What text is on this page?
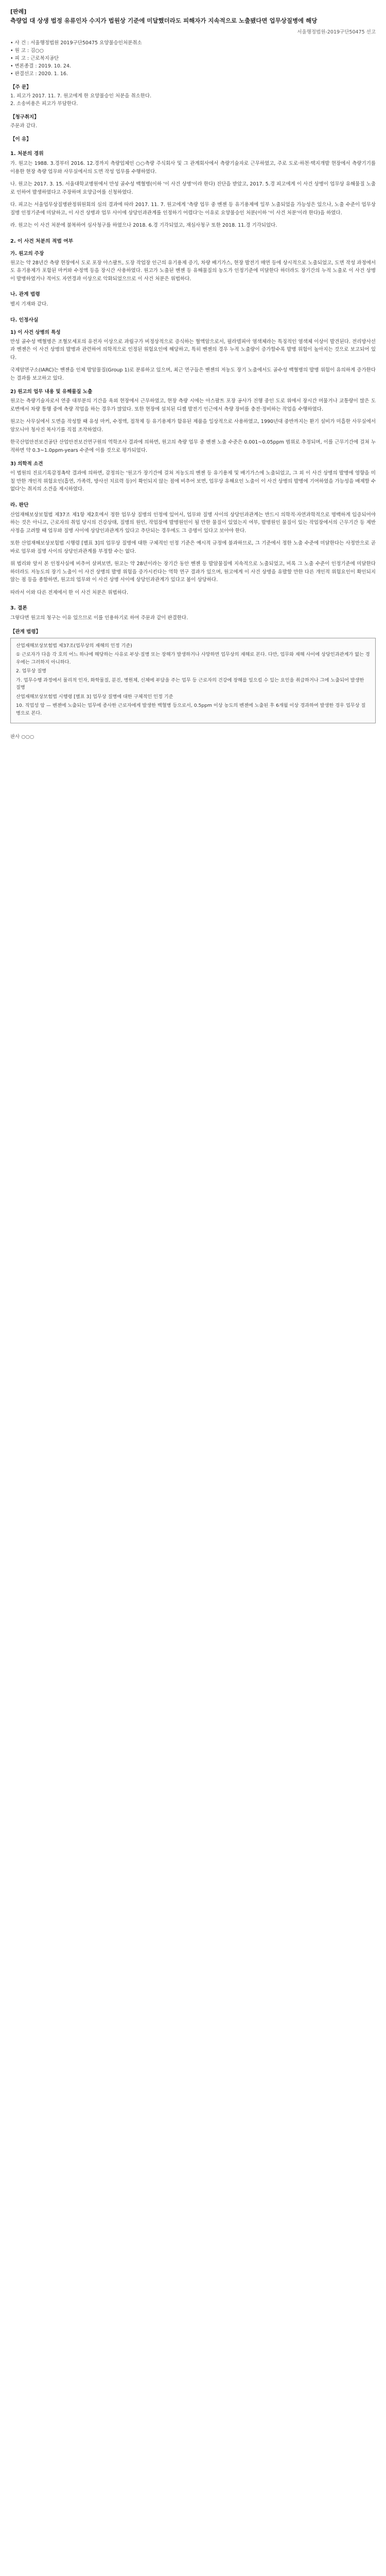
[판례]
측량업 대 상생 법정 유류인자 수지가 법원상 기준에 미달했더라도 피해자가 지속적으로 노출됐다면 업무상질병에 해당
서울행정법원-2019구단50475 선고
• 사 건 : 서울행정법원 2019구단50475 요양불승인처분취소
• 원 고 : 김○○
• 피 고 : 근로복지공단
• 변론종결 : 2019. 10. 24.
• 판결선고 : 2020. 1. 16.
【주 문】
1. 피고가 2017. 11. 7. 원고에게 한 요양불승인 처분을 취소한다.
2. 소송비용은 피고가 부담한다.
【청구취지】
주문과 같다.
【이 유】
1. 처분의 경위

가. 원고는 1988. 3.경부터 2016. 12.경까지 측량업체인 ○○측량 주식회사 및 그 관계회사에서 측량기술자로 근무하였고, 주로 도로·하천·택지개발 현장에서 측량기기를 이용한 현장 측량 업무와 사무실에서의 도면 작성 업무를 수행하였다.

나. 원고는 2017. 3. 15. 서울대학교병원에서 만성 골수성 백혈병(이하 '이 사건 상병'이라 한다) 진단을 받았고, 2017. 5.경 피고에게 이 사건 상병이 업무상 유해물질 노출로 인하여 발생하였다고 주장하며 요양급여를 신청하였다.

다. 피고는 서울업무상질병판정위원회의 심의 결과에 따라 2017. 11. 7. 원고에게 '측량 업무 중 벤젠 등 유기용제에 일부 노출되었을 가능성은 있으나, 노출 수준이 업무상질병 인정기준에 미달하고, 이 사건 상병과 업무 사이에 상당인과관계를 인정하기 어렵다'는 이유로 요양불승인 처분(이하 '이 사건 처분'이라 한다)을 하였다.

라. 원고는 이 사건 처분에 불복하여 심사청구를 하였으나 2018. 6.경 기각되었고, 재심사청구 또한 2018. 11.경 기각되었다.

2. 이 사건 처분의 적법 여부
가. 원고의 주장

원고는 약 28년간 측량 현장에서 도로 포장 아스팔트, 도장 작업장 인근의 유기용제 증기, 차량 배기가스, 현장 발전기 매연 등에 상시적으로 노출되었고, 도면 작성 과정에서도 유기용제가 포함된 마커와 수정액 등을 장시간 사용하였다. 원고가 노출된 벤젠 등 유해물질의 농도가 인정기준에 미달한다 하더라도 장기간의 누적 노출로 이 사건 상병이 발병하였거나 적어도 자연경과 이상으로 악화되었으므로 이 사건 처분은 위법하다.

나. 관계 법령

별지 기재와 같다.

다. 인정사실
1) 이 사건 상병의 특성

만성 골수성 백혈병은 조혈모세포의 유전자 이상으로 과립구가 비정상적으로 증식하는 혈액암으로서, 필라델피아 염색체라는 특징적인 염색체 이상이 발견된다. 전리방사선과 벤젠은 이 사건 상병의 발병과 관련하여 의학적으로 인정된 위험요인에 해당하고, 특히 벤젠의 경우 누적 노출량이 증가할수록 발병 위험이 높아지는 것으로 보고되어 있다.

국제암연구소(IARC)는 벤젠을 인체 발암물질(Group 1)로 분류하고 있으며, 최근 연구들은 벤젠의 저농도 장기 노출에서도 골수성 백혈병의 발병 위험이 유의하게 증가한다는 결과를 보고하고 있다.

2) 원고의 업무 내용 및 유해물질 노출

원고는 측량기술자로서 연중 대부분의 기간을 옥외 현장에서 근무하였고, 현장 측량 시에는 아스팔트 포장 공사가 진행 중인 도로 위에서 장시간 머물거나 교통량이 많은 도로변에서 차량 통행 중에 측량 작업을 하는 경우가 많았다. 또한 현장에 설치된 디젤 발전기 인근에서 측량 장비를 충전·정비하는 작업을 수행하였다.

원고는 사무실에서 도면을 작성할 때 유성 마커, 수정액, 접착제 등 유기용제가 함유된 제품을 일상적으로 사용하였고, 1990년대 중반까지는 환기 설비가 미흡한 사무실에서 암모니아 청사진 복사기를 직접 조작하였다.

한국산업안전보건공단 산업안전보건연구원의 역학조사 결과에 의하면, 원고의 측량 업무 중 벤젠 노출 수준은 0.001~0.05ppm 범위로 추정되며, 이를 근무기간에 걸쳐 누적하면 약 0.3~1.0ppm-years 수준에 이를 것으로 평가되었다.

3) 의학적 소견

이 법원의 진료기록감정촉탁 결과에 의하면, 감정의는 '원고가 장기간에 걸쳐 저농도의 벤젠 등 유기용제 및 배기가스에 노출되었고, 그 외 이 사건 상병의 발병에 영향을 미칠 만한 개인적 위험요인(흡연, 가족력, 방사선 치료력 등)이 확인되지 않는 점에 비추어 보면, 업무상 유해요인 노출이 이 사건 상병의 발병에 기여하였을 가능성을 배제할 수 없다'는 취지의 소견을 제시하였다.

라. 판단

산업재해보상보험법 제37조 제1항 제2호에서 정한 업무상 질병의 인정에 있어서, 업무와 질병 사이의 상당인과관계는 반드시 의학적·자연과학적으로 명백하게 입증되어야 하는 것은 아니고, 근로자의 취업 당시의 건강상태, 질병의 원인, 작업장에 발병원인이 될 만한 물질이 있었는지 여부, 발병원인 물질이 있는 작업장에서의 근무기간 등 제반 사정을 고려할 때 업무와 질병 사이에 상당인과관계가 있다고 추단되는 경우에도 그 증명이 있다고 보아야 한다.

또한 산업재해보상보험법 시행령 [별표 3]의 업무상 질병에 대한 구체적인 인정 기준은 예시적 규정에 불과하므로, 그 기준에서 정한 노출 수준에 미달한다는 사정만으로 곧바로 업무와 질병 사이의 상당인과관계를 부정할 수는 없다.

위 법리와 앞서 본 인정사실에 비추어 살펴보면, 원고는 약 28년이라는 장기간 동안 벤젠 등 발암물질에 지속적으로 노출되었고, 비록 그 노출 수준이 인정기준에 미달한다 하더라도 저농도의 장기 노출이 이 사건 상병의 발병 위험을 증가시킨다는 역학 연구 결과가 있으며, 원고에게 이 사건 상병을 유발할 만한 다른 개인적 위험요인이 확인되지 않는 점 등을 종합하면, 원고의 업무와 이 사건 상병 사이에 상당인과관계가 있다고 봄이 상당하다.

따라서 이와 다른 전제에서 한 이 사건 처분은 위법하다.

3. 결론

그렇다면 원고의 청구는 이유 있으므로 이를 인용하기로 하여 주문과 같이 판결한다.

【관계 법령】
산업재해보상보험법 제37조(업무상의 재해의 인정 기준)
① 근로자가 다음 각 호의 어느 하나에 해당하는 사유로 부상·질병 또는 장해가 발생하거나 사망하면 업무상의 재해로 본다. 다만, 업무와 재해 사이에 상당인과관계가 없는 경우에는 그러하지 아니하다.
2. 업무상 질병
가. 업무수행 과정에서 물리적 인자, 화학물질, 분진, 병원체, 신체에 부담을 주는 업무 등 근로자의 건강에 장해를 일으킬 수 있는 요인을 취급하거나 그에 노출되어 발생한 질병
산업재해보상보험법 시행령 [별표 3] 업무상 질병에 대한 구체적인 인정 기준
10. 직업성 암 — 벤젠에 노출되는 업무에 종사한 근로자에게 발생한 백혈병 등으로서, 0.5ppm 이상 농도의 벤젠에 노출된 후 6개월 이상 경과하여 발생한 경우 업무상 질병으로 본다.
판사 ○○○
